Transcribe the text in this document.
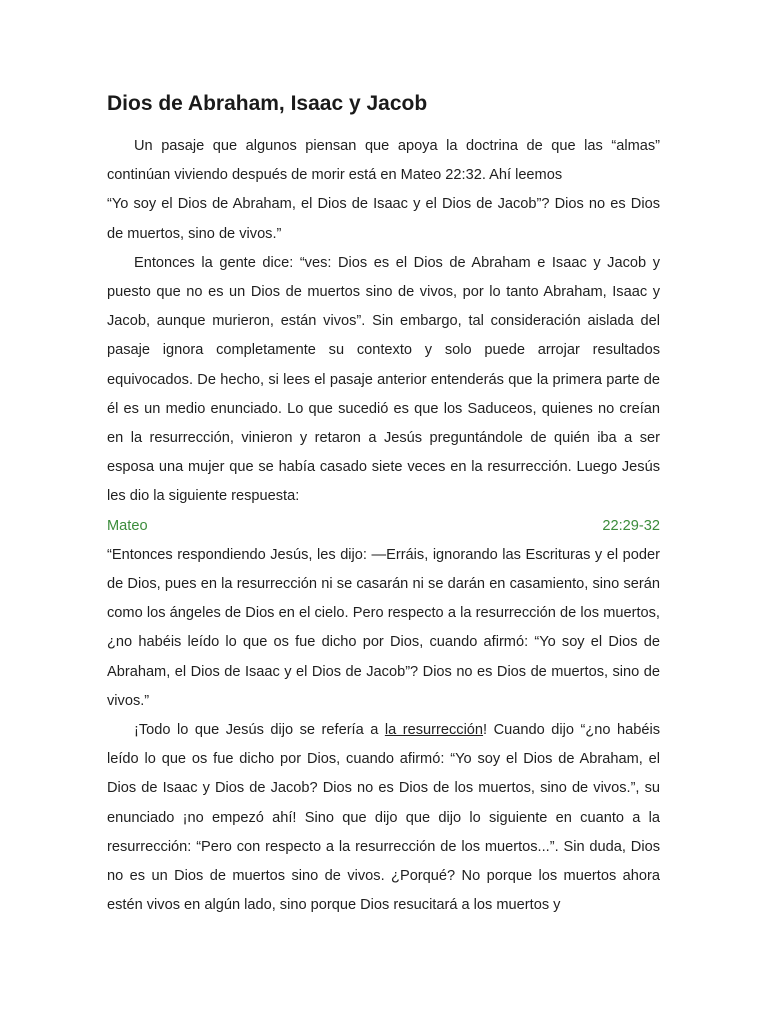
Dios de Abraham, Isaac y Jacob

Un pasaje que algunos piensan que apoya la doctrina de que las “almas” continúan viviendo después de morir está en Mateo 22:32. Ahí leemos

“Yo soy el Dios de Abraham, el Dios de Isaac y el Dios de Jacob”? Dios no es Dios de muertos, sino de vivos.”

Entonces la gente dice: “ves: Dios es el Dios de Abraham e Isaac y Jacob y puesto que no es un Dios de muertos sino de vivos, por lo tanto Abraham, Isaac y Jacob, aunque murieron, están vivos”. Sin embargo, tal consideración aislada del pasaje ignora completamente su contexto y solo puede arrojar resultados equivocados. De hecho, si lees el pasaje anterior entenderás que la primera parte de él es un medio enunciado. Lo que sucedió es que los Saduceos, quienes no creían en la resurrección, vinieron y retaron a Jesús preguntándole de quién iba a ser esposa una mujer que se había casado siete veces en la resurrección. Luego Jesús les dio la siguiente respuesta:

Mateo	22:29-32

“Entonces respondiendo Jesús, les dijo: —Erráis, ignorando las Escrituras y el poder de Dios, pues en la resurrección ni se casarán ni se darán en casamiento, sino serán como los ángeles de Dios en el cielo. Pero respecto a la resurrección de los muertos, ¿no habéis leído lo que os fue dicho por Dios, cuando afirmó: “Yo soy el Dios de Abraham, el Dios de Isaac y el Dios de Jacob”? Dios no es Dios de muertos, sino de vivos.”

¡Todo lo que Jesús dijo se refería a la resurrección! Cuando dijo “¿no habéis leído lo que os fue dicho por Dios, cuando afirmó: “Yo soy el Dios de Abraham, el Dios de Isaac y Dios de Jacob? Dios no es Dios de los muertos, sino de vivos.”, su enunciado ¡no empezó ahí! Sino que dijo que dijo lo siguiente en cuanto a la resurrección: “Pero con respecto a la resurrección de los muertos...”. Sin duda, Dios no es un Dios de muertos sino de vivos. ¿Porqué? No porque los muertos ahora estén vivos en algún lado, sino porque Dios resucitará a los muertos y
